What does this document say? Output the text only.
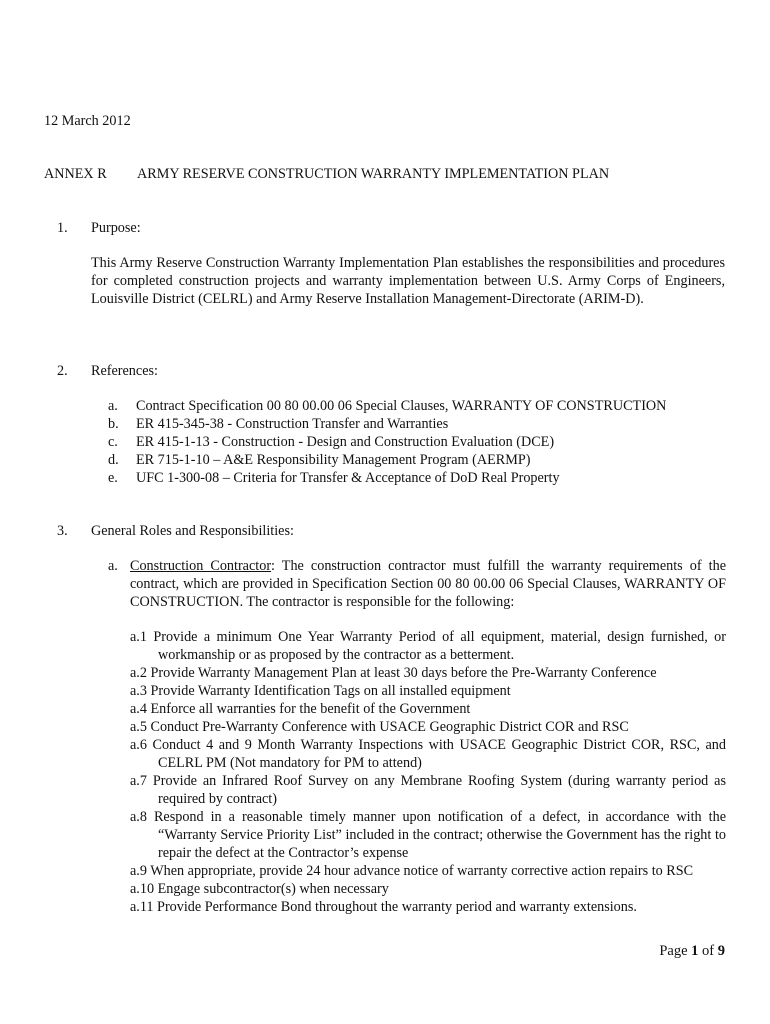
12 March 2012

ANNEX R ARMY RESERVE CONSTRUCTION WARRANTY IMPLEMENTATION PLAN

1. Purpose:

This Army Reserve Construction Warranty Implementation Plan establishes the responsibilities and procedures for completed construction projects and warranty implementation between U.S. Army Corps of Engineers, Louisville District (CELRL) and Army Reserve Installation Management-Directorate (ARIM-D).

2. References:

a.	Contract Specification 00 80 00.00 06 Special Clauses, WARRANTY OF CONSTRUCTION
b.	ER 415-345-38 - Construction Transfer and Warranties
c.	ER 415-1-13 - Construction - Design and Construction Evaluation (DCE)
d.	ER 715-1-10 – A&E Responsibility Management Program (AERMP)
e.	UFC 1-300-08 – Criteria for Transfer & Acceptance of DoD Real Property

3. General Roles and Responsibilities:

a. Construction Contractor: The construction contractor must fulfill the warranty requirements of the contract, which are provided in Specification Section 00 80 00.00 06 Special Clauses, WARRANTY OF CONSTRUCTION. The contractor is responsible for the following:
a.1 Provide a minimum One Year Warranty Period of all equipment, material, design furnished, or workmanship or as proposed by the contractor as a betterment.
a.2 Provide Warranty Management Plan at least 30 days before the Pre-Warranty Conference
a.3 Provide Warranty Identification Tags on all installed equipment
a.4 Enforce all warranties for the benefit of the Government
a.5 Conduct Pre-Warranty Conference with USACE Geographic District COR and RSC
a.6 Conduct 4 and 9 Month Warranty Inspections with USACE Geographic District COR, RSC, and CELRL PM (Not mandatory for PM to attend)
a.7 Provide an Infrared Roof Survey on any Membrane Roofing System (during warranty period as required by contract)
a.8 Respond in a reasonable timely manner upon notification of a defect, in accordance with the “Warranty Service Priority List” included in the contract; otherwise the Government has the right to repair the defect at the Contractor’s expense
a.9 When appropriate, provide 24 hour advance notice of warranty corrective action repairs to RSC
a.10 Engage subcontractor(s) when necessary
a.11 Provide Performance Bond throughout the warranty period and warranty extensions.

Page 1 of 9
